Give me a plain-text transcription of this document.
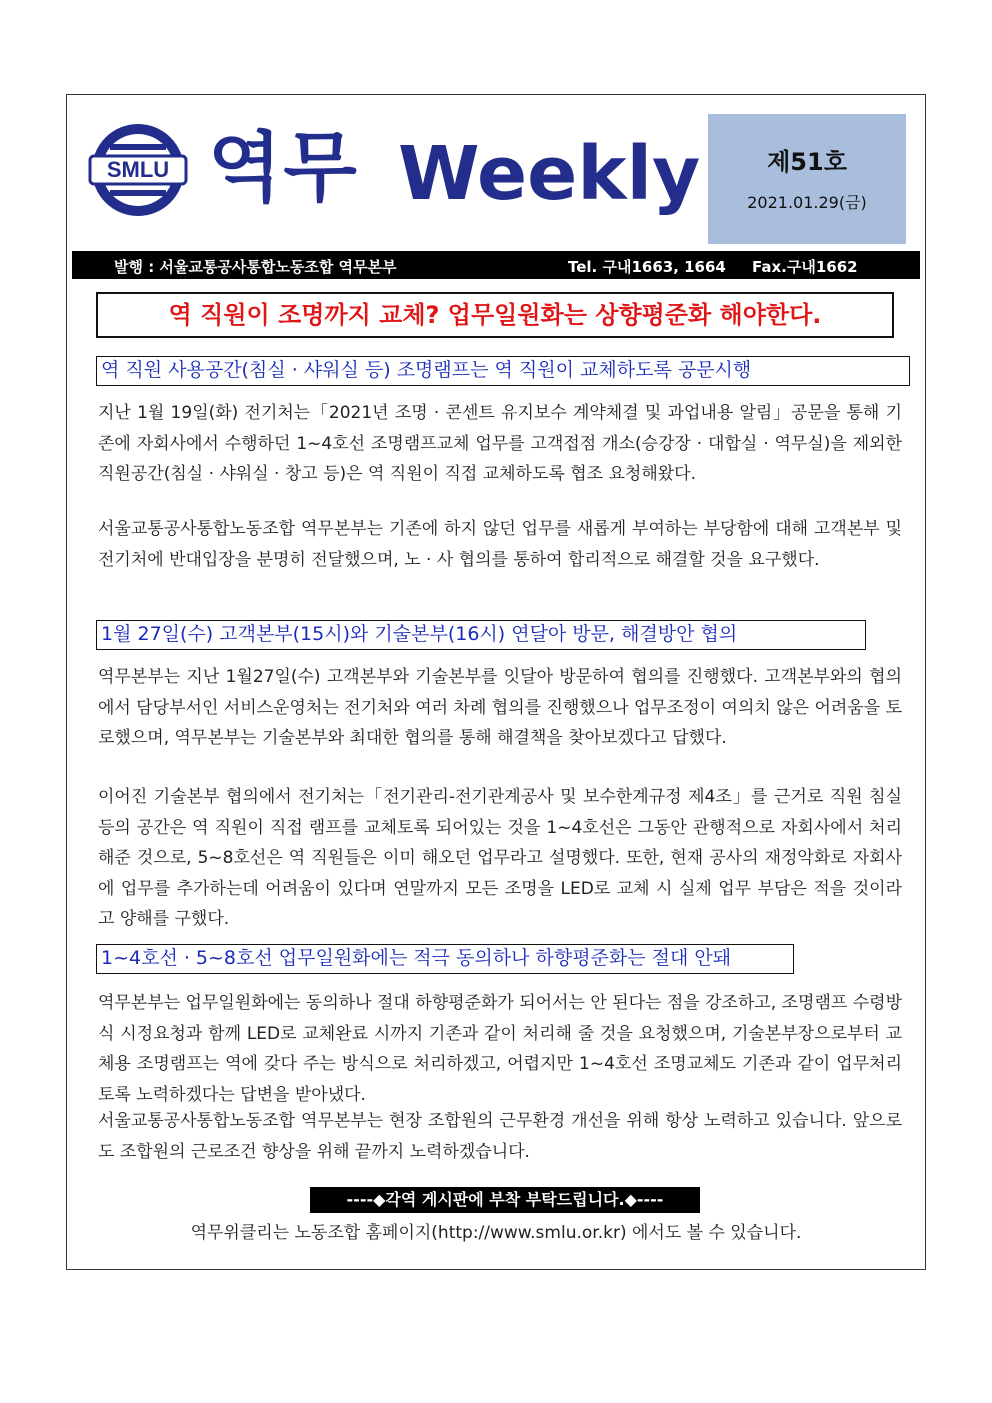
SMLU 역무 Weekly	제51호
2021.01.29(금)
발행 : 서울교통공사통합노동조합 역무본부	Tel. 구내1663, 1664 Fax.구내1662
역 직원이 조명까지 교체? 업무일원화는 상향평준화 해야한다.
역 직원 사용공간(침실 · 샤워실 등) 조명램프는 역 직원이 교체하도록 공문시행

지난 1월 19일(화) 전기처는「2021년 조명 · 콘센트 유지보수 계약체결 및 과업내용 알림」공문을 통해 기존에 자회사에서 수행하던 1~4호선 조명램프교체 업무를 고객접점 개소(승강장 · 대합실 · 역무실)을 제외한 직원공간(침실 · 샤워실 · 창고 등)은 역 직원이 직접 교체하도록 협조 요청해왔다.

서울교통공사통합노동조합 역무본부는 기존에 하지 않던 업무를 새롭게 부여하는 부당함에 대해 고객본부 및 전기처에 반대입장을 분명히 전달했으며, 노 · 사 협의를 통하여 합리적으로 해결할 것을 요구했다.

1월 27일(수) 고객본부(15시)와 기술본부(16시) 연달아 방문, 해결방안 협의

역무본부는 지난 1월27일(수) 고객본부와 기술본부를 잇달아 방문하여 협의를 진행했다. 고객본부와의 협의에서 담당부서인 서비스운영처는 전기처와 여러 차례 협의를 진행했으나 업무조정이 여의치 않은 어려움을 토로했으며, 역무본부는 기술본부와 최대한 협의를 통해 해결책을 찾아보겠다고 답했다.

이어진 기술본부 협의에서 전기처는「전기관리-전기관계공사 및 보수한계규정 제4조」를 근거로 직원 침실 등의 공간은 역 직원이 직접 램프를 교체토록 되어있는 것을 1~4호선은 그동안 관행적으로 자회사에서 처리해준 것으로, 5~8호선은 역 직원들은 이미 해오던 업무라고 설명했다. 또한, 현재 공사의 재정악화로 자회사에 업무를 추가하는데 어려움이 있다며 연말까지 모든 조명을 LED로 교체 시 실제 업무 부담은 적을 것이라고 양해를 구했다.

1~4호선 · 5~8호선 업무일원화에는 적극 동의하나 하향평준화는 절대 안돼

역무본부는 업무일원화에는 동의하나 절대 하향평준화가 되어서는 안 된다는 점을 강조하고, 조명램프 수령방식 시정요청과 함께 LED로 교체완료 시까지 기존과 같이 처리해 줄 것을 요청했으며, 기술본부장으로부터 교체용 조명램프는 역에 갖다 주는 방식으로 처리하겠고, 어렵지만 1~4호선 조명교체도 기존과 같이 업무처리토록 노력하겠다는 답변을 받아냈다.

서울교통공사통합노동조합 역무본부는 현장 조합원의 근무환경 개선을 위해 항상 노력하고 있습니다. 앞으로도 조합원의 근로조건 향상을 위해 끝까지 노력하겠습니다.

----◆각역 게시판에 부착 부탁드립니다.◆----
역무위클리는 노동조합 홈페이지(http://www.smlu.or.kr) 에서도 볼 수 있습니다.
